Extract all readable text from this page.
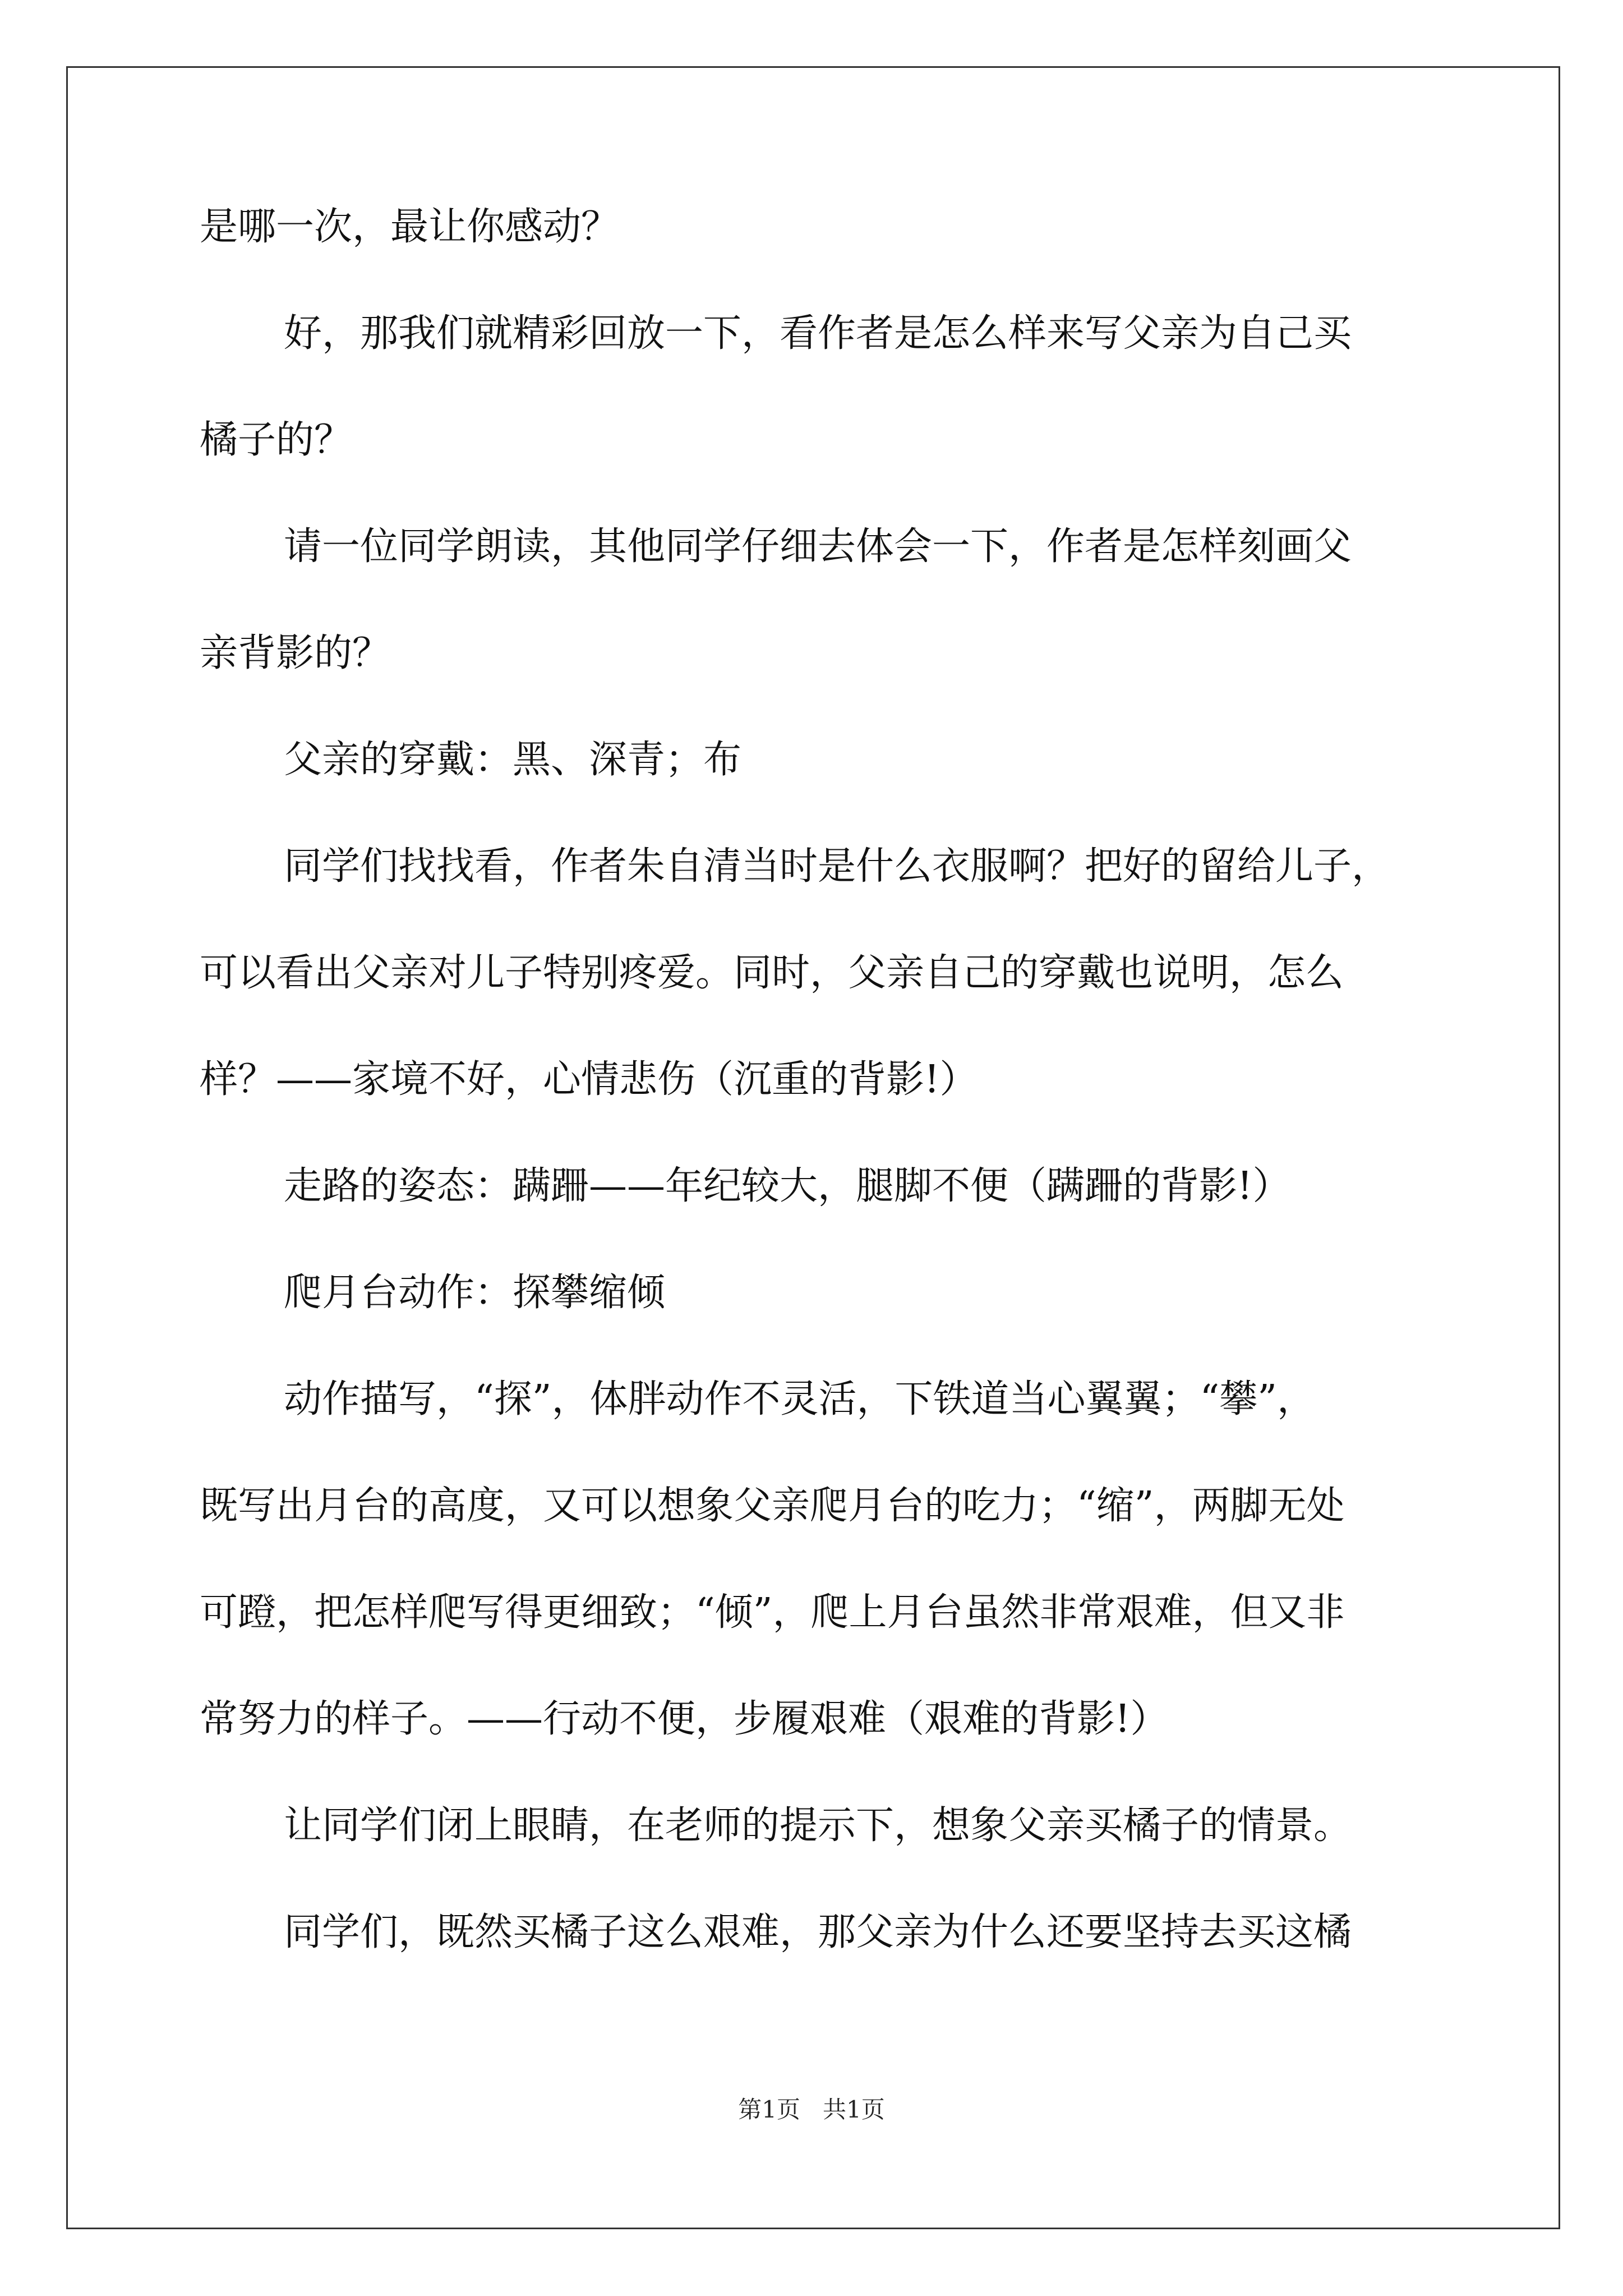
是哪一次，最让你感动？
好，那我们就精彩回放一下，看作者是怎么样来写父亲为自己买
橘子的？
请一位同学朗读，其他同学仔细去体会一下，作者是怎样刻画父
亲背影的？
父亲的穿戴：黑、深青；布
同学们找找看，作者朱自清当时是什么衣服啊？把好的留给儿子，
可以看出父亲对儿子特别疼爱。同时，父亲自己的穿戴也说明，怎么
样？——家境不好，心情悲伤（沉重的背影!）
走路的姿态：蹒跚——年纪较大，腿脚不便（蹒跚的背影!）
爬月台动作：探攀缩倾
动作描写，“探”，体胖动作不灵活，下铁道当心翼翼；“攀”，
既写出月台的高度，又可以想象父亲爬月台的吃力；“缩”，两脚无处
可蹬，把怎样爬写得更细致；“倾”，爬上月台虽然非常艰难，但又非
常努力的样子。——行动不便，步履艰难（艰难的背影!）
让同学们闭上眼睛，在老师的提示下，想象父亲买橘子的情景。
同学们，既然买橘子这么艰难，那父亲为什么还要坚持去买这橘
第1页   共1页
